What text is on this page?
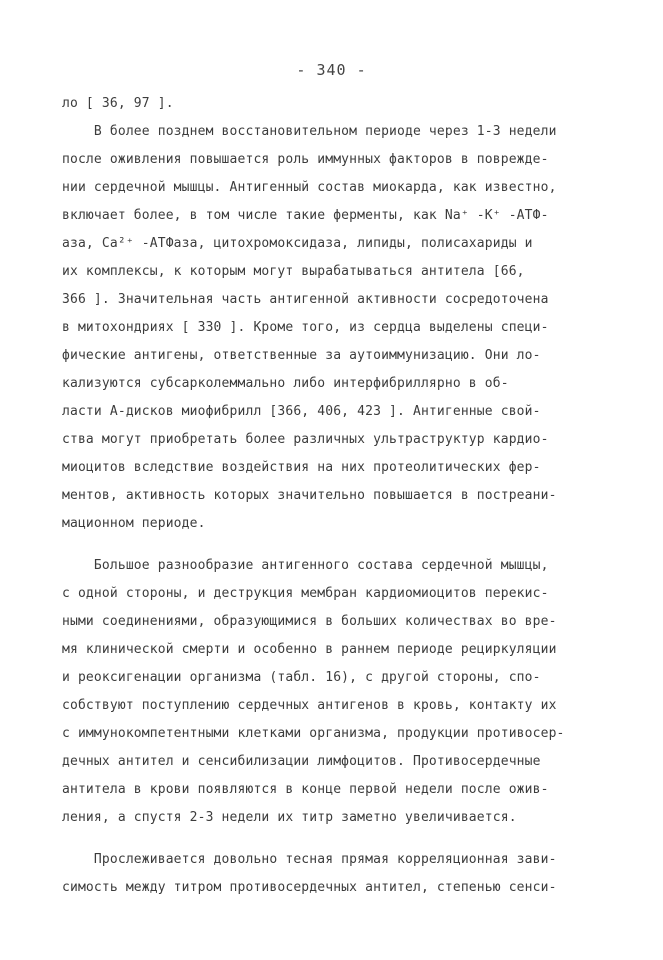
- 340 -
ло [ 36, 97 ].
В более позднем восстановительном периоде через 1-3 недели
после оживления повышается роль иммунных факторов в поврежде-
нии сердечной мышцы. Антигенный состав миокарда, как известно,
включает более, в том числе такие ферменты, как Na⁺ -K⁺ -АТФ-
аза, Ca²⁺ -АТФаза, цитохромоксидаза, липиды, полисахариды и
их комплексы, к которым могут вырабатываться антитела [66,
366 ]. Значительная часть антигенной активности сосредоточена
в митохондриях [ 330 ]. Кроме того, из сердца выделены специ-
фические антигены, ответственные за аутоиммунизацию. Они ло-
кализуются субсарколеммально либо интерфибриллярно в об-
ласти А-дисков миофибрилл [366, 406, 423 ]. Антигенные свой-
ства могут приобретать более различных ультраструктур кардио-
миоцитов вследствие воздействия на них протеолитических фер-
ментов, активность которых значительно повышается в постреани-
мационном периоде.
Большое разнообразие антигенного состава сердечной мышцы,
с одной стороны, и деструкция мембран кардиомиоцитов перекис-
ными соединениями, образующимися в больших количествах во вре-
мя клинической смерти и особенно в раннем периоде рециркуляции
и реоксигенации организма (табл. 16), с другой стороны, спо-
собствуют поступлению сердечных антигенов в кровь, контакту их
с иммунокомпетентными клетками организма, продукции противосер-
дечных антител и сенсибилизации лимфоцитов. Противосердечные
антитела в крови появляются в конце первой недели после ожив-
ления, а спустя 2-3 недели их титр заметно увеличивается.
Прослеживается довольно тесная прямая корреляционная зави-
симость между титром противосердечных антител, степенью сенси-
